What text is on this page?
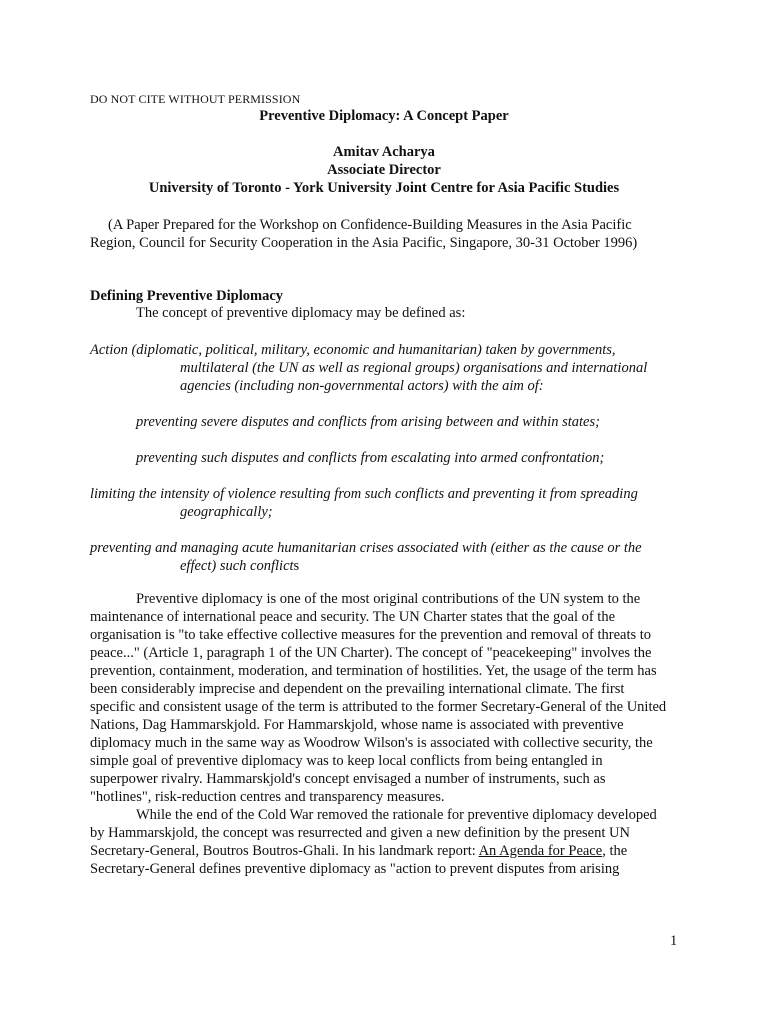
DO NOT CITE WITHOUT PERMISSION
Preventive Diplomacy: A Concept Paper
Amitav Acharya
Associate Director
University of Toronto - York University Joint Centre for Asia Pacific Studies
(A Paper Prepared for the Workshop on Confidence-Building Measures in the Asia Pacific
Region, Council for Security Cooperation in the Asia Pacific, Singapore, 30-31 October 1996)
Defining Preventive Diplomacy
The concept of preventive diplomacy may be defined as:
Action (diplomatic, political, military, economic and humanitarian) taken by governments,
multilateral (the UN as well as regional groups) organisations and international
agencies (including non-governmental actors) with the aim of:
preventing severe disputes and conflicts from arising between and within states;
preventing such disputes and conflicts from escalating into armed confrontation;
limiting the intensity of violence resulting from such conflicts and preventing it from spreading
geographically;
preventing and managing acute humanitarian crises associated with (either as the cause or the
effect) such conflicts
Preventive diplomacy is one of the most original contributions of the UN system to the
maintenance of international peace and security. The UN Charter states that the goal of the
organisation is "to take effective collective measures for the prevention and removal of threats to
peace..." (Article 1, paragraph 1 of the UN Charter). The concept of "peacekeeping" involves the
prevention, containment, moderation, and termination of hostilities. Yet, the usage of the term has
been considerably imprecise and dependent on the prevailing international climate. The first
specific and consistent usage of the term is attributed to the former Secretary-General of the United
Nations, Dag Hammarskjold. For Hammarskjold, whose name is associated with preventive
diplomacy much in the same way as Woodrow Wilson's is associated with collective security, the
simple goal of preventive diplomacy was to keep local conflicts from being entangled in
superpower rivalry. Hammarskjold's concept envisaged a number of instruments, such as
"hotlines", risk-reduction centres and transparency measures.
While the end of the Cold War removed the rationale for preventive diplomacy developed
by Hammarskjold, the concept was resurrected and given a new definition by the present UN
Secretary-General, Boutros Boutros-Ghali. In his landmark report: An Agenda for Peace, the
Secretary-General defines preventive diplomacy as "action to prevent disputes from arising
1
